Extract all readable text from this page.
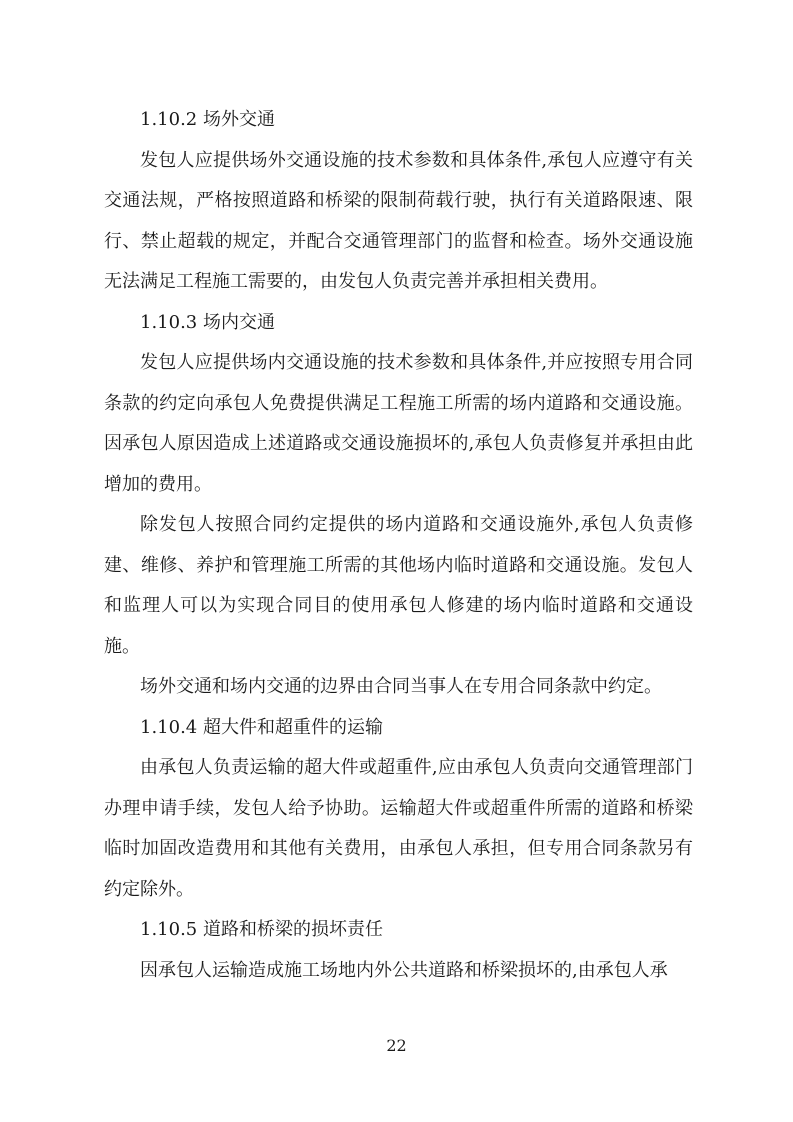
1.10.2 场外交通

发包人应提供场外交通设施的技术参数和具体条件,承包人应遵守有关交通法规，严格按照道路和桥梁的限制荷载行驶，执行有关道路限速、限行、禁止超载的规定，并配合交通管理部门的监督和检查。场外交通设施无法满足工程施工需要的，由发包人负责完善并承担相关费用。

1.10.3 场内交通

发包人应提供场内交通设施的技术参数和具体条件,并应按照专用合同条款的约定向承包人免费提供满足工程施工所需的场内道路和交通设施。因承包人原因造成上述道路或交通设施损坏的,承包人负责修复并承担由此增加的费用。

除发包人按照合同约定提供的场内道路和交通设施外,承包人负责修建、维修、养护和管理施工所需的其他场内临时道路和交通设施。发包人和监理人可以为实现合同目的使用承包人修建的场内临时道路和交通设施。

场外交通和场内交通的边界由合同当事人在专用合同条款中约定。

1.10.4 超大件和超重件的运输

由承包人负责运输的超大件或超重件,应由承包人负责向交通管理部门办理申请手续，发包人给予协助。运输超大件或超重件所需的道路和桥梁临时加固改造费用和其他有关费用，由承包人承担，但专用合同条款另有约定除外。

1.10.5 道路和桥梁的损坏责任

因承包人运输造成施工场地内外公共道路和桥梁损坏的,由承包人承

22
